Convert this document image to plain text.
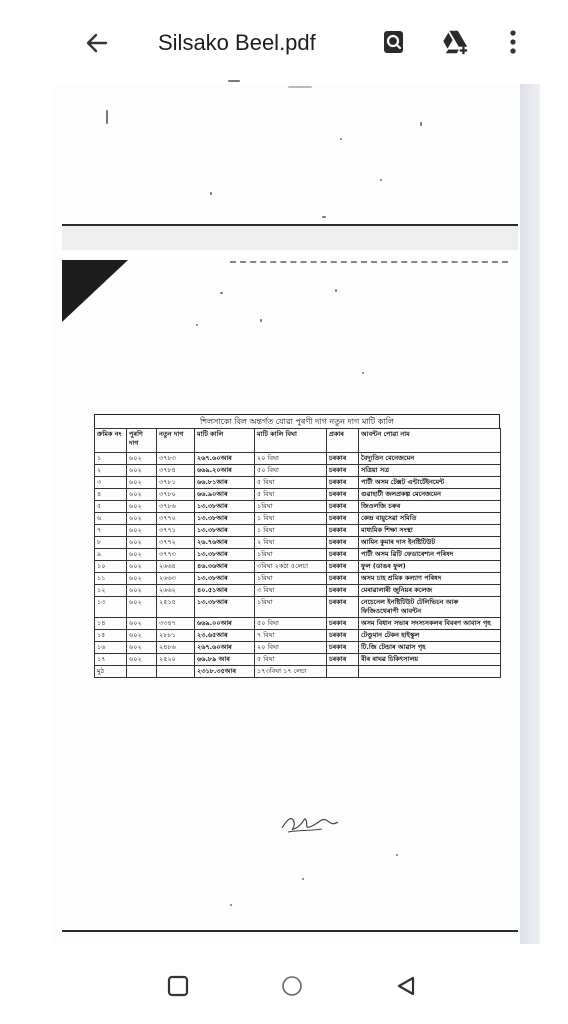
Silsako Beel.pdf
শিলসাকো বিল অন্তৰ্গত যোৱা পুৰণী দাগ নতুন দাগ মাটি কালি
ক্ৰমিক নং	পুৰণি দাগ	নতুন দাগ	মাটি কালি	মাটি কালি বিঘা	প্ৰকাৰ	আবন্টন পোৱা নাম
১	৬০২	৩৭৮৩	২৬৭.৬০আৰ	২০ বিঘা	চৰকাৰ	বৈদ্যুতিন মেনেজমেন
২	৬০২	৩৭৮৪	৬৬৯.২০আৰ	৫০ বিঘা	চৰকাৰ	সত্ৰিয়া সত্ৰ
৩	৬০২	৩৭৮১	৬৬.৮১আৰ	৫ বিঘা	চৰকাৰ	পাৰ্টী অসম টেক্সট এন্টাৰ্টেইনমেন্ট
৪	৬০২	৩৭৮০	৬৬.৯০আৰ	৫ বিঘা	চৰকাৰ	গুৱাহাটী জলপ্ৰকল্প মেনেজমেন
৫	৬০২	৩৭৮৬	১৩.৩৮আৰ	১বিঘা	চৰকাৰ	জিওলজি চৰুৰ
৬	৬০২	৩৭৭০	১৩.৩৮আৰ	১ বিঘা	চৰকাৰ	কেন্দ্ৰ বায়ুসেৱা সমিতি
৭	৬০২	৩৭৭১	১৩.৩৮আৰ	১ বিঘা	চৰকাৰ	মাধ্যমিক শিক্ষা সংস্থা
৮	৬০২	৩৭৭২	২৬.৭৬আৰ	২ বিঘা	চৰকাৰ	আমিন কুমাৰ দাস ইনষ্টিটিউট
৯	৬০২	৩৭৭৩	১৩.৩৮আৰ	১বিঘা	চৰকাৰ	পাৰ্টী অসম ৱিটি ফেডাৰেশ্যন পৰিষদ
১০	৬০২	২৬৬৪	৪৬.৩৬আৰ	৩বিঘা ২কঠা ৫লেচা	চৰকাৰ	ফুল (ডাঙৰ ফুল)
১১	৬০২	২৬৬৩	১৩.৩৮আৰ	১বিঘা	চৰকাৰ	অসম চাহ শ্ৰমিক কল্যাণ পৰিষদ
১২	৬০২	২৬৬২	৪০.৫১আৰ	৩ বিঘা	চৰকাৰ	মেৰাৱালাৰী জুনিয়ৰ কলেজ
১৩	৬০২	২৫১৫	১৩.৩৮আৰ	১বিঘা	চৰকাৰ	নেচেনেল ইনষ্টিটিউট টেলিভিচন আৰু ফিজিওথেৰাপী আবন্টন
১৪	৬০২	৩৩৪৭	৬৬৯.০০আৰ	৫০ বিঘা	চৰকাৰ	অসম বিধান সভাৰ সদস্যসকলৰ বিবৰণ আবাস গৃহ
১৫	৬০২	২৮৮১	২৩.৬৫আৰ	৭ বিঘা	চৰকাৰ	টেণ্ডুমান টেকন হাইস্কুল
১৬	৬০২	২৪৮৬	২৬৭.৬০আৰ	২০ বিঘা	চৰকাৰ	টি.জি টেন্ডাৰ আৱাস গৃহ
১৭	৬০২	২৫২০	৬৬.৮৯ আৰ	৫ বিঘা	চৰকাৰ	বীৰ ৰাঘৱ চিকিৎসালয়
মুঠ			২৩১৮.৩৫আৰ	১৭৩বিঘা ১৭ লেচা		
